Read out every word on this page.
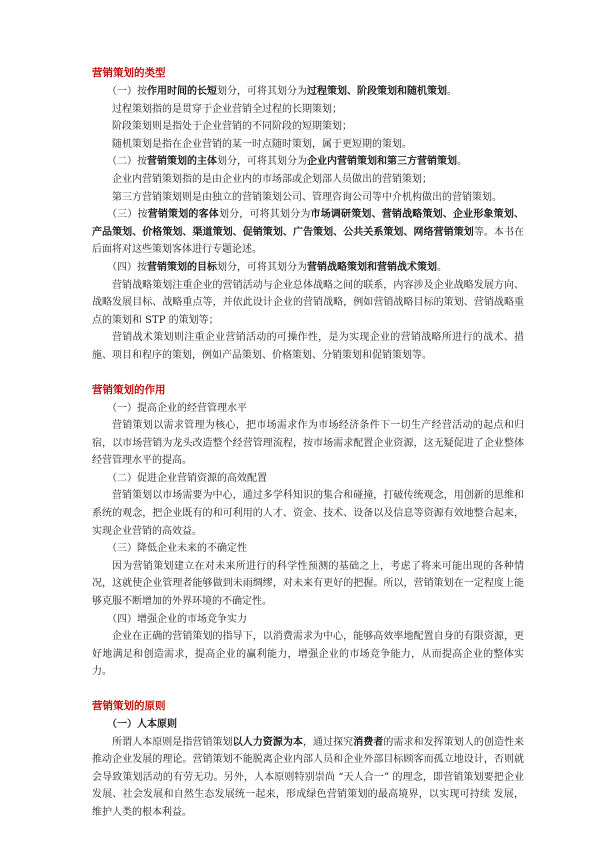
营销策划的类型

（一）按作用时间的长短划分，可将其划分为过程策划、阶段策划和随机策划。

过程策划指的是贯穿于企业营销全过程的长期策划；

阶段策划则是指处于企业营销的不同阶段的短期策划；

随机策划是指在企业营销的某一时点随时策划，属于更短期的策划。

（二）按营销策划的主体划分，可将其划分为企业内营销策划和第三方营销策划。

企业内营销策划指的是由企业内的市场部或企划部人员做出的营销策划；

第三方营销策划则是由独立的营销策划公司、管理咨询公司等中介机构做出的营销策划。

（三）按营销策划的客体划分，可将其划分为市场调研策划、营销战略策划、企业形象策划、产品策划、价格策划、渠道策划、促销策划、广告策划、公共关系策划、网络营销策划等。本书在后面将对这些策划客体进行专题论述。

（四）按营销策划的目标划分，可将其划分为营销战略策划和营销战术策划。

营销战略策划注重企业的营销活动与企业总体战略之间的联系，内容涉及企业战略发展方向、战略发展目标、战略重点等，并依此设计企业的营销战略，例如营销战略目标的策划、营销战略重点的策划和 STP 的策划等；

营销战术策划则注重企业营销活动的可操作性，是为实现企业的营销战略所进行的战术、措施、项目和程序的策划，例如产品策划、价格策划、分销策划和促销策划等。

营销策划的作用

（一）提高企业的经营管理水平

营销策划以需求管理为核心，把市场需求作为市场经济条件下一切生产经营活动的起点和归宿，以市场营销为龙头改造整个经营管理流程，按市场需求配置企业资源，这无疑促进了企业整体经营管理水平的提高。

（二）促进企业营销资源的高效配置

营销策划以市场需要为中心，通过多学科知识的集合和碰撞，打破传统观念，用创新的思维和系统的观念，把企业既有的和可利用的人才、资金、技术、设备以及信息等资源有效地整合起来，实现企业营销的高效益。

（三）降低企业未来的不确定性

因为营销策划建立在对未来所进行的科学性预测的基础之上，考虑了将来可能出现的各种情况，这就使企业管理者能够做到未雨绸缪，对未来有更好的把握。所以，营销策划在一定程度上能够克服不断增加的外界环境的不确定性。

（四）增强企业的市场竞争实力

企业在正确的营销策划的指导下，以消费需求为中心，能够高效率地配置自身的有限资源，更好地满足和创造需求，提高企业的赢利能力，增强企业的市场竞争能力，从而提高企业的整体实力。

营销策划的原则

（一）人本原则

所谓人本原则是指营销策划以人力资源为本，通过探究消费者的需求和发挥策划人的创造性来推动企业发展的理论。营销策划不能脱离企业内部人员和企业外部目标顾客而孤立地设计，否则就会导致策划活动的有劳无功。另外，人本原则特别崇尚 “天人合一” 的理念，即营销策划要把企业 发展、社会发展和自然生态发展统一起来，形成绿色营销策划的最高境界，以实现可持续 发展，维护人类的根本利益。
